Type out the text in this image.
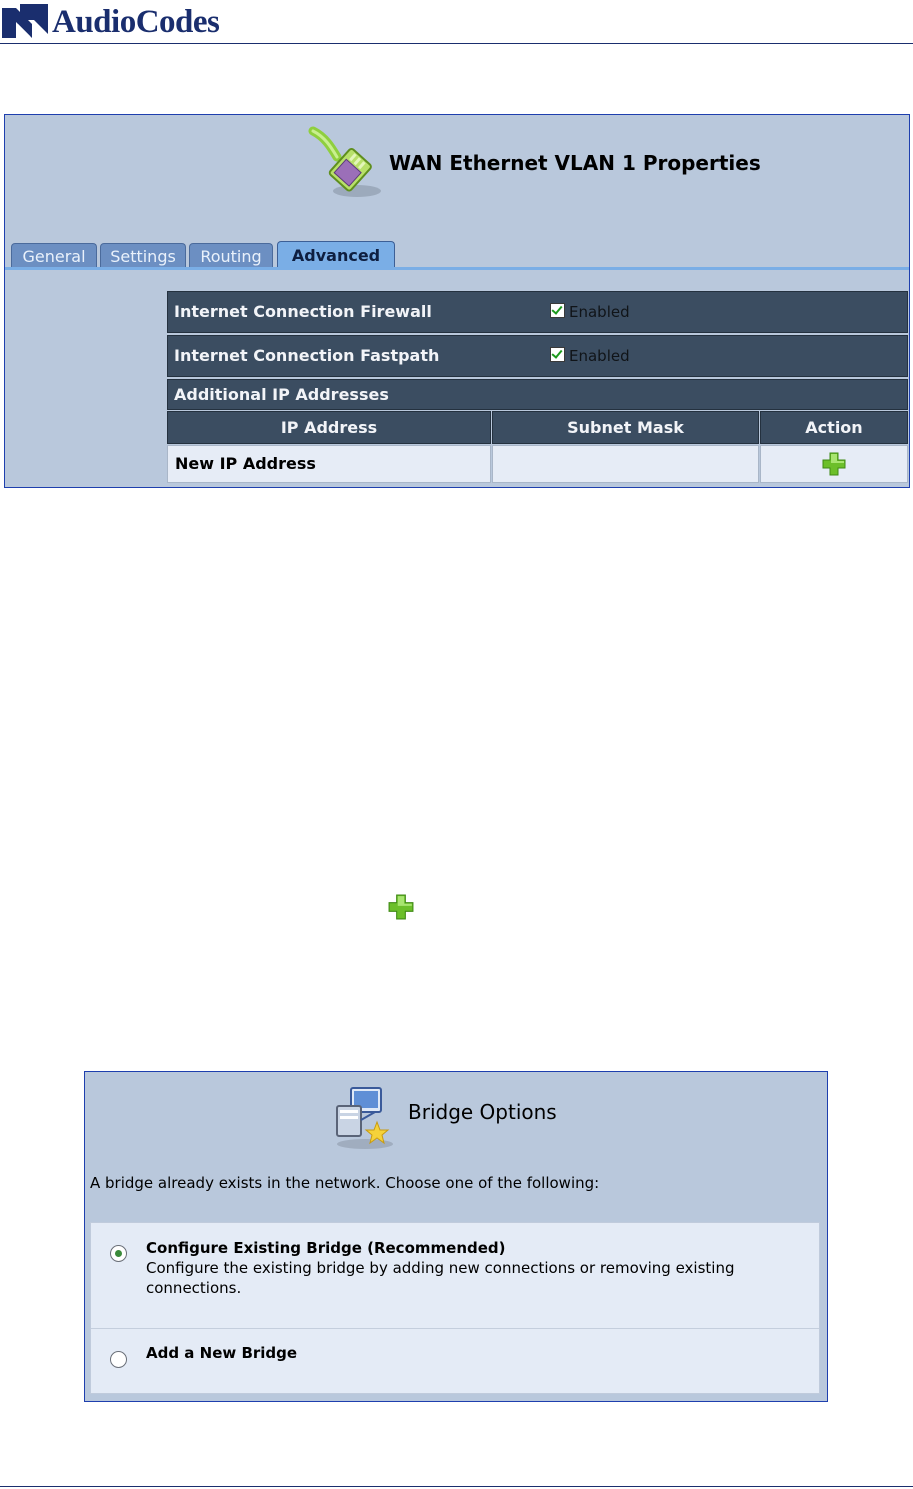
AudioCodes
WAN Ethernet VLAN 1 Properties
General	Settings	Routing	Advanced
Internet Connection Firewall	Enabled
Internet Connection Fastpath	Enabled
Additional IP Addresses
IP Address	Subnet Mask	Action
New IP Address
Bridge Options
A bridge already exists in the network. Choose one of the following:
Configure Existing Bridge (Recommended)
Configure the existing bridge by adding new connections or removing existing connections.
Add a New Bridge
